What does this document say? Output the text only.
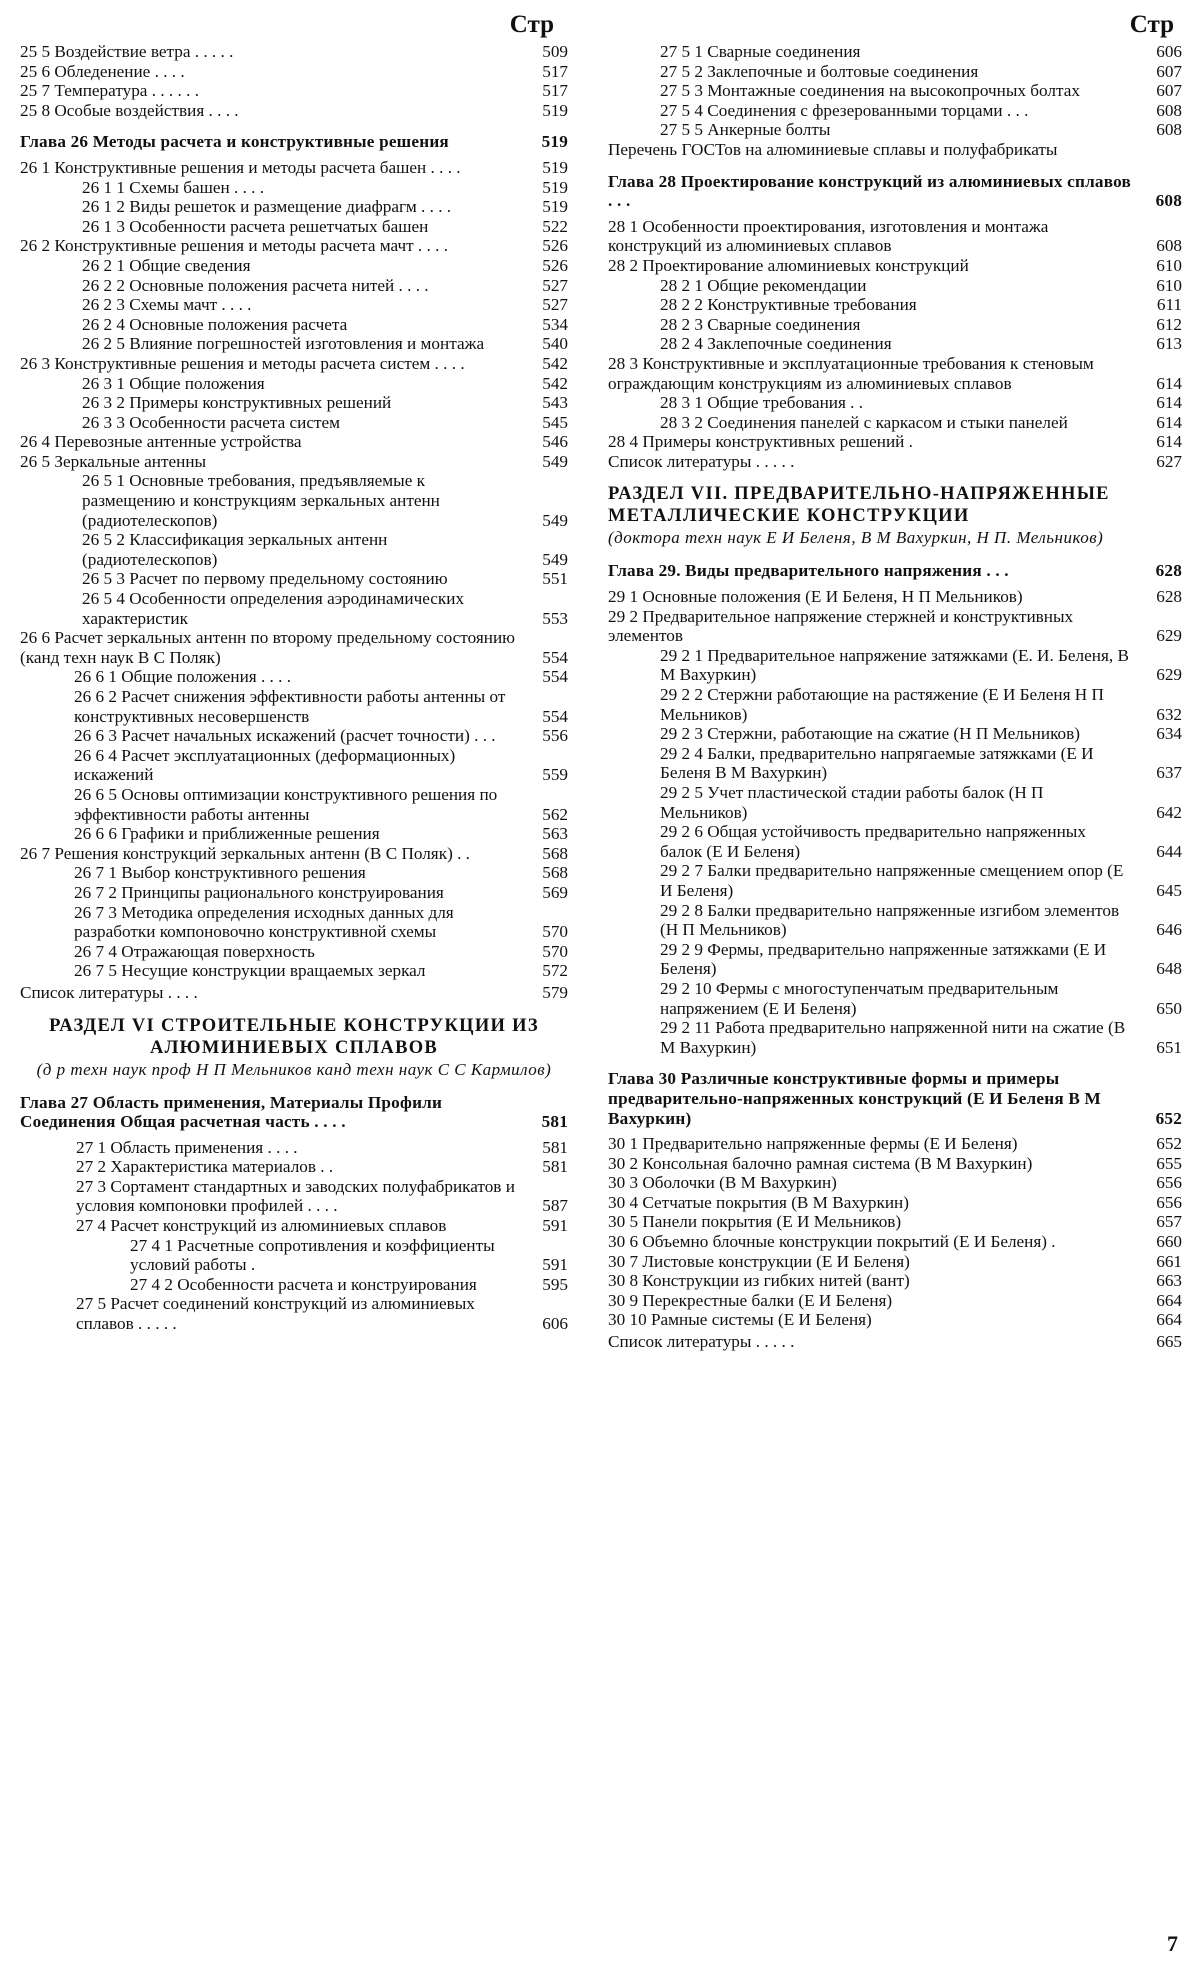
Стр
25 5 Воздействие ветра . . . . .	509
25 6 Обледенение . . . .	517
25 7 Температура . . . . . .	517
25 8 Особые воздействия . . . .	519
Глава 26 Методы расчета и конструктивные решения	519
26 1 Конструктивные решения и методы расчета башен . . . .	519
26 1 1 Схемы башен . . . .	519
26 1 2 Виды решеток и размещение диафрагм . . . .	519
26 1 3 Особенности расчета решетчатых башен	522
26 2 Конструктивные решения и методы расчета мачт . . . .	526
26 2 1 Общие сведения	526
26 2 2 Основные положения расчета нитей . . . .	527
26 2 3 Схемы мачт . . . .	527
26 2 4 Основные положения расчета	534
26 2 5 Влияние погрешностей изготовления и монтажа	540
26 3 Конструктивные решения и методы расчета систем . . . .	542
26 3 1 Общие положения	542
26 3 2 Примеры конструктивных решений	543
26 3 3 Особенности расчета систем	545
26 4 Перевозные антенные устройства	546
26 5 Зеркальные антенны	549
26 5 1 Основные требования, предъявляемые к размещению и конструкциям зеркальных антенн (радиотелескопов)	549
26 5 2 Классификация зеркальных антенн (радиотелескопов)	549
26 5 3 Расчет по первому предельному состоянию	551
26 5 4 Особенности определения аэродинамических характеристик	553
26 6 Расчет зеркальных антенн по второму предельному состоянию (канд техн наук В С Поляк)	554
26 6 1 Общие положения . . . .	554
26 6 2 Расчет снижения эффективности работы антенны от конструктивных несовершенств	554
26 6 3 Расчет начальных искажений (расчет точности) . . .	556
26 6 4 Расчет эксплуатационных (деформационных) искажений	559
26 6 5 Основы оптимизации конструктивного решения по эффективности работы антенны	562
26 6 6 Графики и приближенные решения	563
26 7 Решения конструкций зеркальных антенн (В С Поляк) . .	568
26 7 1 Выбор конструктивного решения	568
26 7 2 Принципы рационального конструирования	569
26 7 3 Методика определения исходных данных для разработки компоновочно конструктивной схемы	570
26 7 4 Отражающая поверхность	570
26 7 5 Несущие конструкции вращаемых зеркал	572
Список литературы . . . .	579
РАЗДЕЛ VI СТРОИТЕЛЬНЫЕ КОНСТРУКЦИИ ИЗ АЛЮМИНИЕВЫХ СПЛАВОВ
(д р техн наук проф Н П Мельников канд техн наук С С Кармилов)
Глава 27 Область применения, Материалы Профили Соединения Общая расчетная часть . . . .	581
27 1 Область применения . . . .	581
27 2 Характеристика материалов . .	581
27 3 Сортамент стандартных и заводских полуфабрикатов и условия компоновки профилей . . . .	587
27 4 Расчет конструкций из алюминиевых сплавов	591
27 4 1 Расчетные сопротивления и коэффициенты условий работы .	591
27 4 2 Особенности расчета и конструирования	595
27 5 Расчет соединений конструкций из алюминиевых сплавов . . . . .	606
Стр
27 5 1 Сварные соединения	606
27 5 2 Заклепочные и болтовые соединения	607
27 5 3 Монтажные соединения на высокопрочных болтах	607
27 5 4 Соединения с фрезерованными торцами . . .	608
27 5 5 Анкерные болты	608
Перечень ГОСТов на алюминиевые сплавы и полуфабрикаты
Глава 28 Проектирование конструкций из алюминиевых сплавов . . .	608
28 1 Особенности проектирования, изготовления и монтажа конструкций из алюминиевых сплавов	608
28 2 Проектирование алюминиевых конструкций	610
28 2 1 Общие рекомендации	610
28 2 2 Конструктивные требования	611
28 2 3 Сварные соединения	612
28 2 4 Заклепочные соединения	613
28 3 Конструктивные и эксплуатационные требования к стеновым ограждающим конструкциям из алюминиевых сплавов	614
28 3 1 Общие требования . .	614
28 3 2 Соединения панелей с каркасом и стыки панелей	614
28 4 Примеры конструктивных решений .	614
Список литературы . . . . .	627
РАЗДЕЛ VII. ПРЕДВАРИТЕЛЬНО-НАПРЯЖЕННЫЕ МЕТАЛЛИЧЕСКИЕ КОНСТРУКЦИИ
(доктора техн наук Е И Беленя, В М Вахуркин, Н П. Мельников)
Глава 29. Виды предварительного напряжения . . .	628
29 1 Основные положения (Е И Беленя, Н П Мельников)	628
29 2 Предварительное напряжение стержней и конструктивных элементов	629
29 2 1 Предварительное напряжение затяжками (Е. И. Беленя, В М Вахуркин)	629
29 2 2 Стержни работающие на растяжение (Е И Беленя Н П Мельников)	632
29 2 3 Стержни, работающие на сжатие (Н П Мельников)	634
29 2 4 Балки, предварительно напрягаемые затяжками (Е И Беленя В М Вахуркин)	637
29 2 5 Учет пластической стадии работы балок (Н П Мельников)	642
29 2 6 Общая устойчивость предварительно напряженных балок (Е И Беленя)	644
29 2 7 Балки предварительно напряженные смещением опор (Е И Беленя)	645
29 2 8 Балки предварительно напряженные изгибом элементов (Н П Мельников)	646
29 2 9 Фермы, предварительно напряженные затяжками (Е И Беленя)	648
29 2 10 Фермы с многоступенчатым предварительным напряжением (Е И Беленя)	650
29 2 11 Работа предварительно напряженной нити на сжатие (В М Вахуркин)	651
Глава 30 Различные конструктивные формы и примеры предварительно-напряженных конструкций (Е И Беленя В М Вахуркин)	652
30 1 Предварительно напряженные фермы (Е И Беленя)	652
30 2 Консольная балочно рамная система (В М Вахуркин)	655
30 3 Оболочки (В М Вахуркин)	656
30 4 Сетчатые покрытия (В М Вахуркин)	656
30 5 Панели покрытия (Е И Мельников)	657
30 6 Объемно блочные конструкции покрытий (Е И Беленя) .	660
30 7 Листовые конструкции (Е И Беленя)	661
30 8 Конструкции из гибких нитей (вант)	663
30 9 Перекрестные балки (Е И Беленя)	664
30 10 Рамные системы (Е И Беленя)	664
Список литературы . . . . .	665
7
